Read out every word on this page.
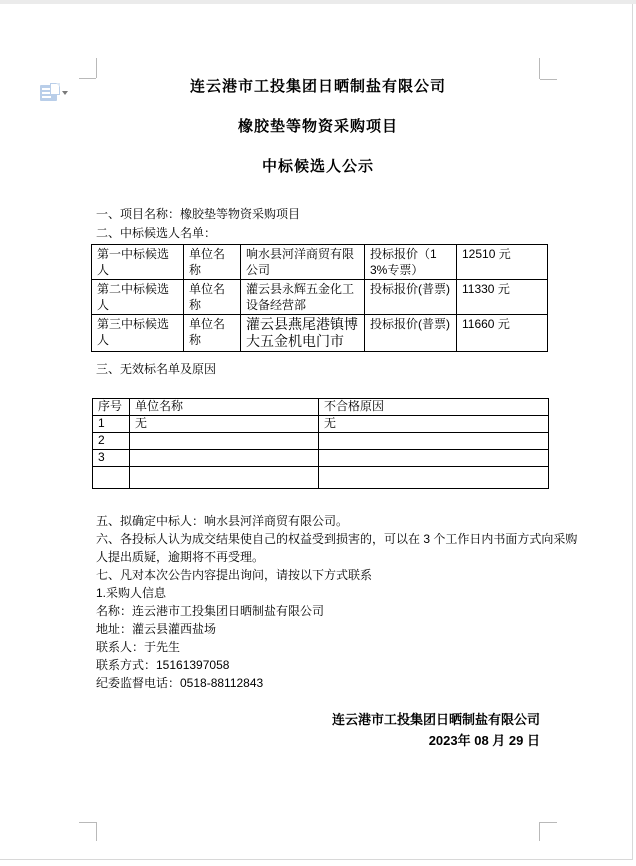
连云港市工投集团日晒制盐有限公司
橡胶垫等物资采购项目
中标候选人公示
一、项目名称：橡胶垫等物资采购项目
二、中标候选人名单：
第一中标候选人	单位名称	响水县河洋商贸有限公司	投标报价（13%专票）	12510 元
第二中标候选人	单位名称	灌云县永辉五金化工设备经营部	投标报价(普票)	11330 元
第三中标候选人	单位名称	灌云县燕尾港镇博大五金机电门市	投标报价(普票)	11660 元
三、无效标名单及原因
序号	单位名称	不合格原因
1	无	无
2		
3		

五、拟确定中标人：响水县河洋商贸有限公司。
六、各投标人认为成交结果使自己的权益受到损害的，可以在 3 个工作日内书面方式向采购
人提出质疑，逾期将不再受理。
七、凡对本次公告内容提出询问，请按以下方式联系
1.采购人信息
名称：连云港市工投集团日晒制盐有限公司
地址：灌云县灌西盐场
联系人：于先生
联系方式：15161397058
纪委监督电话：0518-88112843
连云港市工投集团日晒制盐有限公司
2023年 08 月 29 日
